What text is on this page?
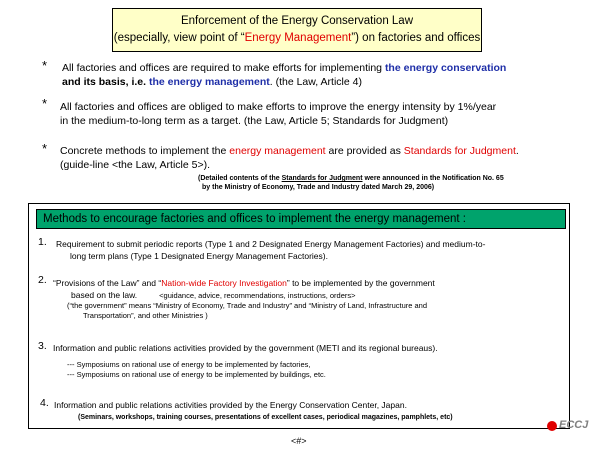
Enforcement of the Energy Conservation Law
(especially, view point of “Energy Management”) on factories and offices
* All factories and offices are required to make efforts for implementing the energy conservation
and its basis, i.e. the energy management. (the Law, Article 4)
* All factories and offices are obliged to make efforts to improve the energy intensity by 1%/year
in the medium-to-long term as a target. (the Law, Article 5; Standards for Judgment)
* Concrete methods to implement the energy management are provided as Standards for Judgment.
(guide-line <the Law, Article 5>).
(Detailed contents of the Standards for Judgment were announced in the Notification No. 65
by the Ministry of Economy, Trade and Industry dated March 29, 2006)
Methods to encourage factories and offices to implement the energy management :
1. Requirement to submit periodic reports (Type 1 and 2 Designated Energy Management Factories) and medium-to-
long term plans (Type 1 Designated Energy Management Factories).
2. “Provisions of the Law” and “Nation-wide Factory Investigation” to be implemented by the government
based on the law.	<guidance, advice, recommendations, instructions, orders>
(“the government” means “Ministry of Economy, Trade and Industry” and “Ministry of Land, Infrastructure and
Transportation”, and other Ministries )
3. Information and public relations activities provided by the government (METI and its regional bureaus).
--- Symposiums on rational use of energy to be implemented by factories,
--- Symposiums on rational use of energy to be implemented by buildings, etc.
4. Information and public relations activities provided by the Energy Conservation Center, Japan.
(Seminars, workshops, training courses, presentations of excellent cases, periodical magazines, pamphlets, etc)
ECCJ
<#>
